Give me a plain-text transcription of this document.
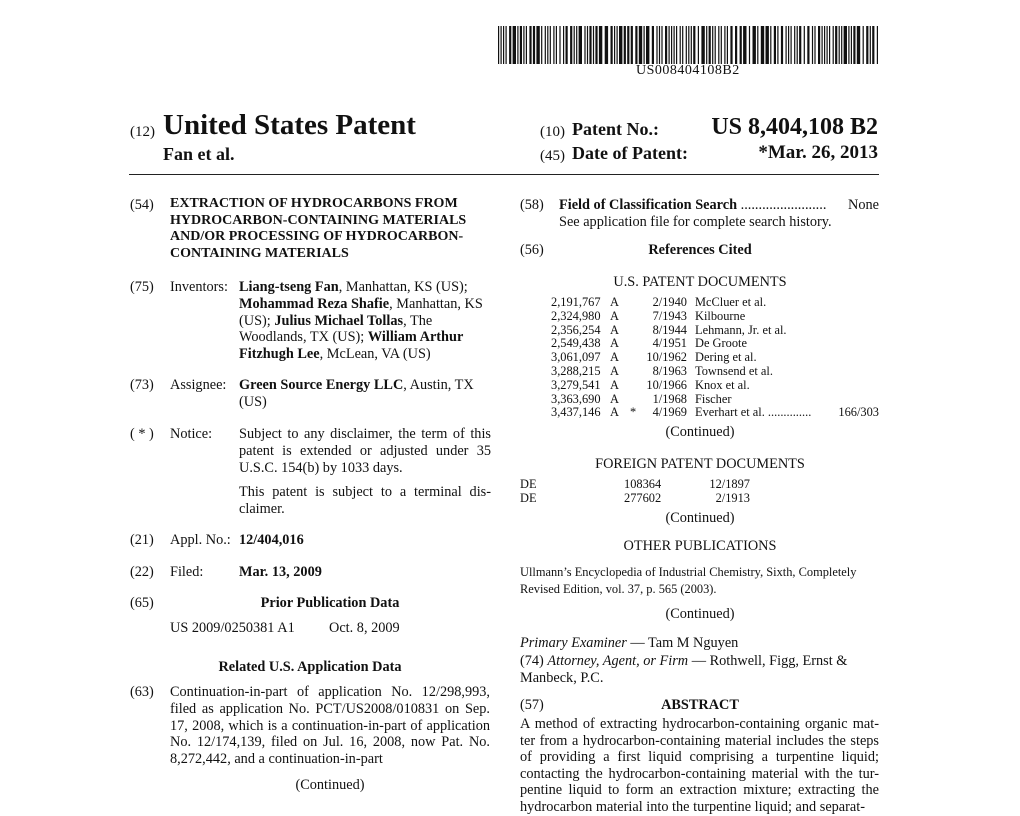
US008404108B2
(12) United States Patent
Fan et al.
(10) Patent No.: US 8,404,108 B2
(45) Date of Patent:	*Mar. 26, 2013
(54) EXTRACTION OF HYDROCARBONS FROM HYDROCARBON-CONTAINING MATERIALS AND/OR PROCESSING OF HYDROCARBON-CONTAINING MATERIALS
(75) Inventors: Liang-tseng Fan, Manhattan, KS (US); Mohammad Reza Shafie, Manhattan, KS (US); Julius Michael Tollas, The Woodlands, TX (US); William Arthur Fitzhugh Lee, McLean, VA (US)
(73) Assignee: Green Source Energy LLC, Austin, TX (US)
( * ) Notice: Subject to any disclaimer, the term of this patent is extended or adjusted under 35 U.S.C. 154(b) by 1033 days.
This patent is subject to a terminal dis- claimer.
(21) Appl. No.: 12/404,016
(22) Filed: Mar. 13, 2009
(65)	Prior Publication Data
US 2009/0250381 A1 Oct. 8, 2009
Related U.S. Application Data
(63) Continuation-in-part of application No. 12/298,993, filed as application No. PCT/US2008/010831 on Sep. 17, 2008, which is a continuation-in-part of application No. 12/174,139, filed on Jul. 16, 2008, now Pat. No. 8,272,442, and a continuation-in-part
(Continued)
(58) Field of Classification Search ........................ None
See application file for complete search history.
(56)	References Cited
U.S. PATENT DOCUMENTS
2,191,767	A		2/1940	McCluer et al.	
2,324,980	A		7/1943	Kilbourne	
2,356,254	A		8/1944	Lehmann, Jr. et al.	
2,549,438	A		4/1951	De Groote	
3,061,097	A		10/1962	Dering et al.	
3,288,215	A		8/1963	Townsend et al.	
3,279,541	A		10/1966	Knox et al.	
3,363,690	A		1/1968	Fischer	
3,437,146	A	*	4/1969	Everhart et al. ..............	166/303
(Continued)
FOREIGN PATENT DOCUMENTS
DE	108364	12/1897
DE	277602	2/1913
(Continued)
OTHER PUBLICATIONS
Ullmann’s Encyclopedia of Industrial Chemistry, Sixth, Completely Revised Edition, vol. 37, p. 565 (2003).
(Continued)
Primary Examiner — Tam M Nguyen
(74) Attorney, Agent, or Firm — Rothwell, Figg, Ernst & Manbeck, P.C.
(57)	ABSTRACT
A method of extracting hydrocarbon-containing organic mat- ter from a hydrocarbon-containing material includes the steps of providing a first liquid comprising a turpentine liquid; contacting the hydrocarbon-containing material with the tur- pentine liquid to form an extraction mixture; extracting the hydrocarbon material into the turpentine liquid; and separat-
